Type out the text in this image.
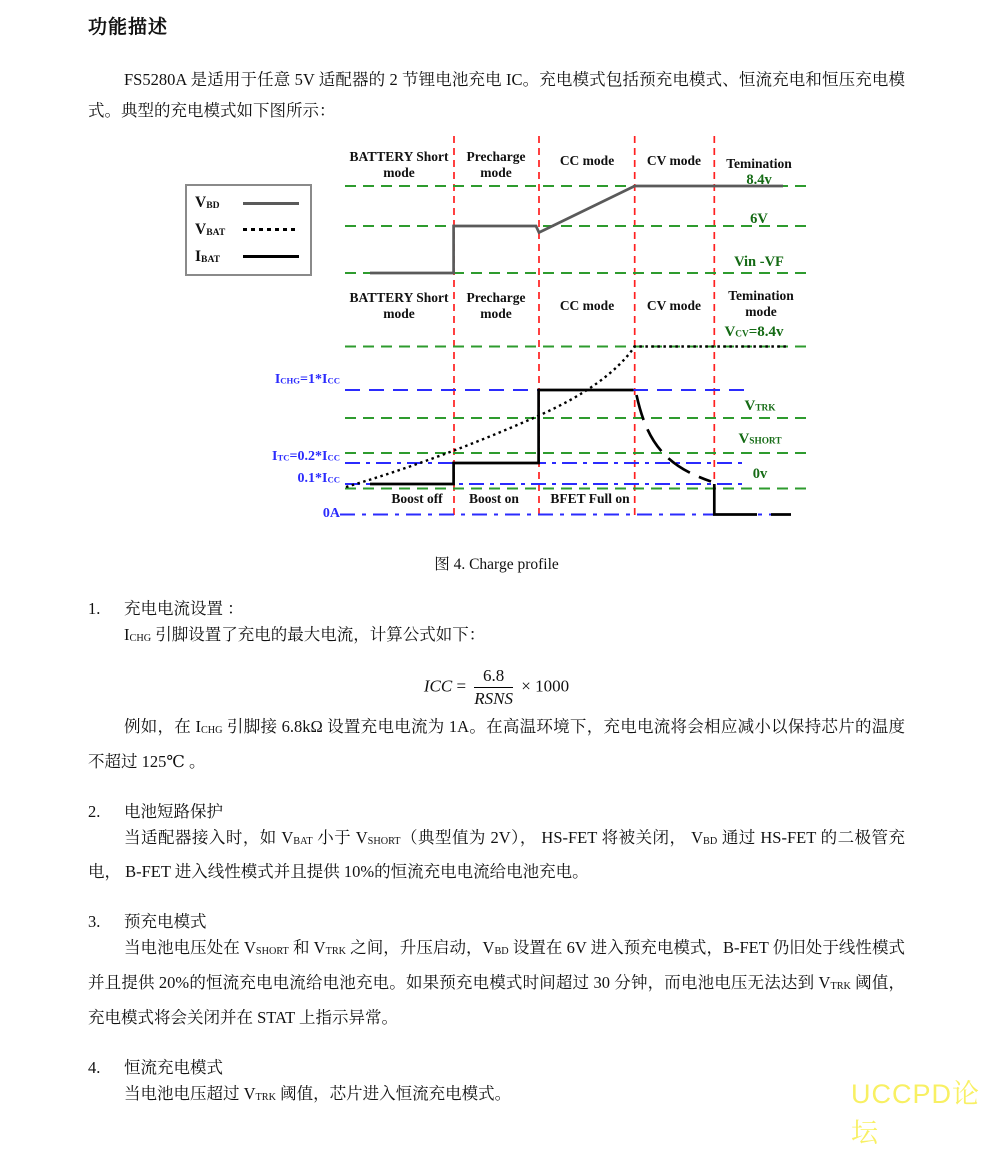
功能描述

FS5280A 是适用于任意 5V 适配器的 2 节锂电池充电 IC。充电模式包括预充电模式、恒流充电和恒压充电模式。典型的充电模式如下图所示：

VBD
VBAT
IBAT
BATTERY Short mode
Precharge mode
CC mode	CV mode	Temination
8.4v
6V
Vin -VF
BATTERY Short mode
Precharge mode
CC mode	CV mode
Temination mode
VCV=8.4v
VTRK
VSHORT
0v
ICHG=1*ICC
ITC=0.2*ICC
0.1*ICC
0A
Boost off	Boost on	BFET Full on
图 4. Charge profile
1. 充电电流设置 ：

ICHG 引脚设置了充电的最大电流，计算公式如下：

ICC = $\frac{6.8}{\text{RSNS}} \times 1000$

例如，在 ICHG 引脚接 6.8kΩ 设置充电电流为 1A。在高温环境下，充电电流将会相应减小以保持芯片的温度不超过 125℃ 。

2. 电池短路保护

当适配器接入时，如 VBAT 小于 VSHORT（典型值为 2V）， HS-FET 将被关闭， VBD 通过 HS-FET 的二极管充电， B-FET 进入线性模式并且提供 10%的恒流充电电流给电池充电。

3. 预充电模式

当电池电压处在 VSHORT 和 VTRK 之间，升压启动，VBD 设置在 6V 进入预充电模式，B-FET 仍旧处于线性模式并且提供 20%的恒流充电电流给电池充电。如果预充电模式时间超过 30 分钟，而电池电压无法达到 VTRK 阈值，充电模式将会关闭并在 STAT 上指示异常。

4. 恒流充电模式

当电池电压超过 VTRK 阈值，芯片进入恒流充电模式。	UCCPD论坛
